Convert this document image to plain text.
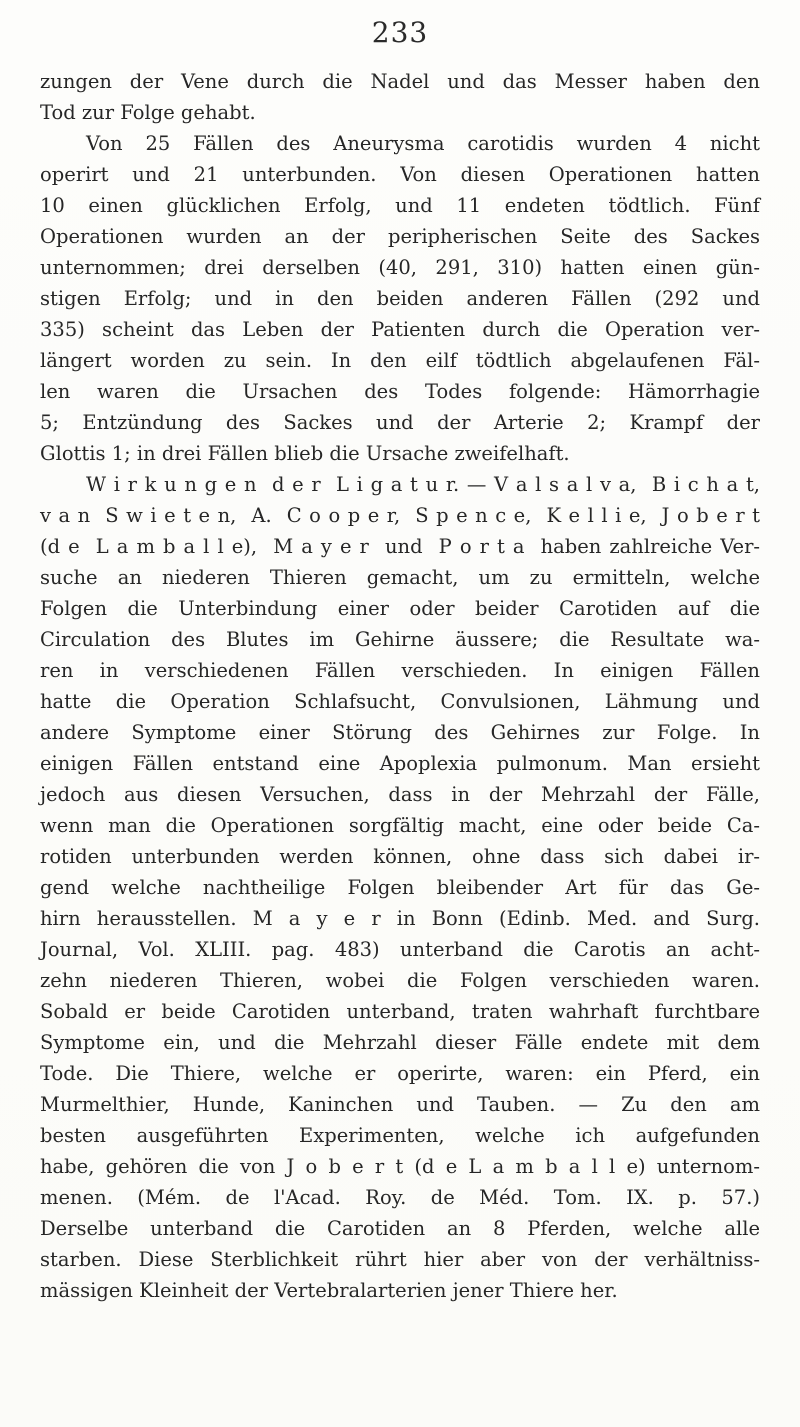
233
zungen der Vene durch die Nadel und das Messer haben den
Tod zur Folge gehabt.
Von 25 Fällen des Aneurysma carotidis wurden 4 nicht
operirt und 21 unterbunden. Von diesen Operationen hatten
10 einen glücklichen Erfolg, und 11 endeten tödtlich. Fünf
Operationen wurden an der peripherischen Seite des Sackes
unternommen; drei derselben (40, 291, 310) hatten einen gün-
stigen Erfolg; und in den beiden anderen Fällen (292 und
335) scheint das Leben der Patienten durch die Operation ver-
längert worden zu sein. In den eilf tödtlich abgelaufenen Fäl-
len waren die Ursachen des Todes folgende: Hämorrhagie
5; Entzündung des Sackes und der Arterie 2; Krampf der
Glottis 1; in drei Fällen blieb die Ursache zweifelhaft.
W i r k u n g e n  d e r  L i g a t u r. — V a l s a l v a,  B i c h a t,
v a n  S w i e t e n,  A.  C o o p e r,  S p e n c e,  K e l l i e,  J o b e r t
(d e  L a m b a l l e),  M a y e r  und  P o r t a  haben zahlreiche Ver-
suche an niederen Thieren gemacht, um zu ermitteln, welche
Folgen die Unterbindung einer oder beider Carotiden auf die
Circulation des Blutes im Gehirne äussere; die Resultate wa-
ren in verschiedenen Fällen verschieden. In einigen Fällen
hatte die Operation Schlafsucht, Convulsionen, Lähmung und
andere Symptome einer Störung des Gehirnes zur Folge. In
einigen Fällen entstand eine Apoplexia pulmonum. Man ersieht
jedoch aus diesen Versuchen, dass in der Mehrzahl der Fälle,
wenn man die Operationen sorgfältig macht, eine oder beide Ca-
rotiden unterbunden werden können, ohne dass sich dabei ir-
gend welche nachtheilige Folgen bleibender Art für das Ge-
hirn herausstellen. M a y e r in Bonn (Edinb. Med. and Surg.
Journal, Vol. XLIII. pag. 483) unterband die Carotis an acht-
zehn niederen Thieren, wobei die Folgen verschieden waren.
Sobald er beide Carotiden unterband, traten wahrhaft furchtbare
Symptome ein, und die Mehrzahl dieser Fälle endete mit dem
Tode. Die Thiere, welche er operirte, waren: ein Pferd, ein
Murmelthier, Hunde, Kaninchen und Tauben. — Zu den am
besten ausgeführten Experimenten, welche ich aufgefunden
habe, gehören die von J o b e r t (d e L a m b a l l e) unternom-
menen. (Mém. de l'Acad. Roy. de Méd. Tom. IX. p. 57.)
Derselbe unterband die Carotiden an 8 Pferden, welche alle
starben. Diese Sterblichkeit rührt hier aber von der verhältniss-
mässigen Kleinheit der Vertebralarterien jener Thiere her.
